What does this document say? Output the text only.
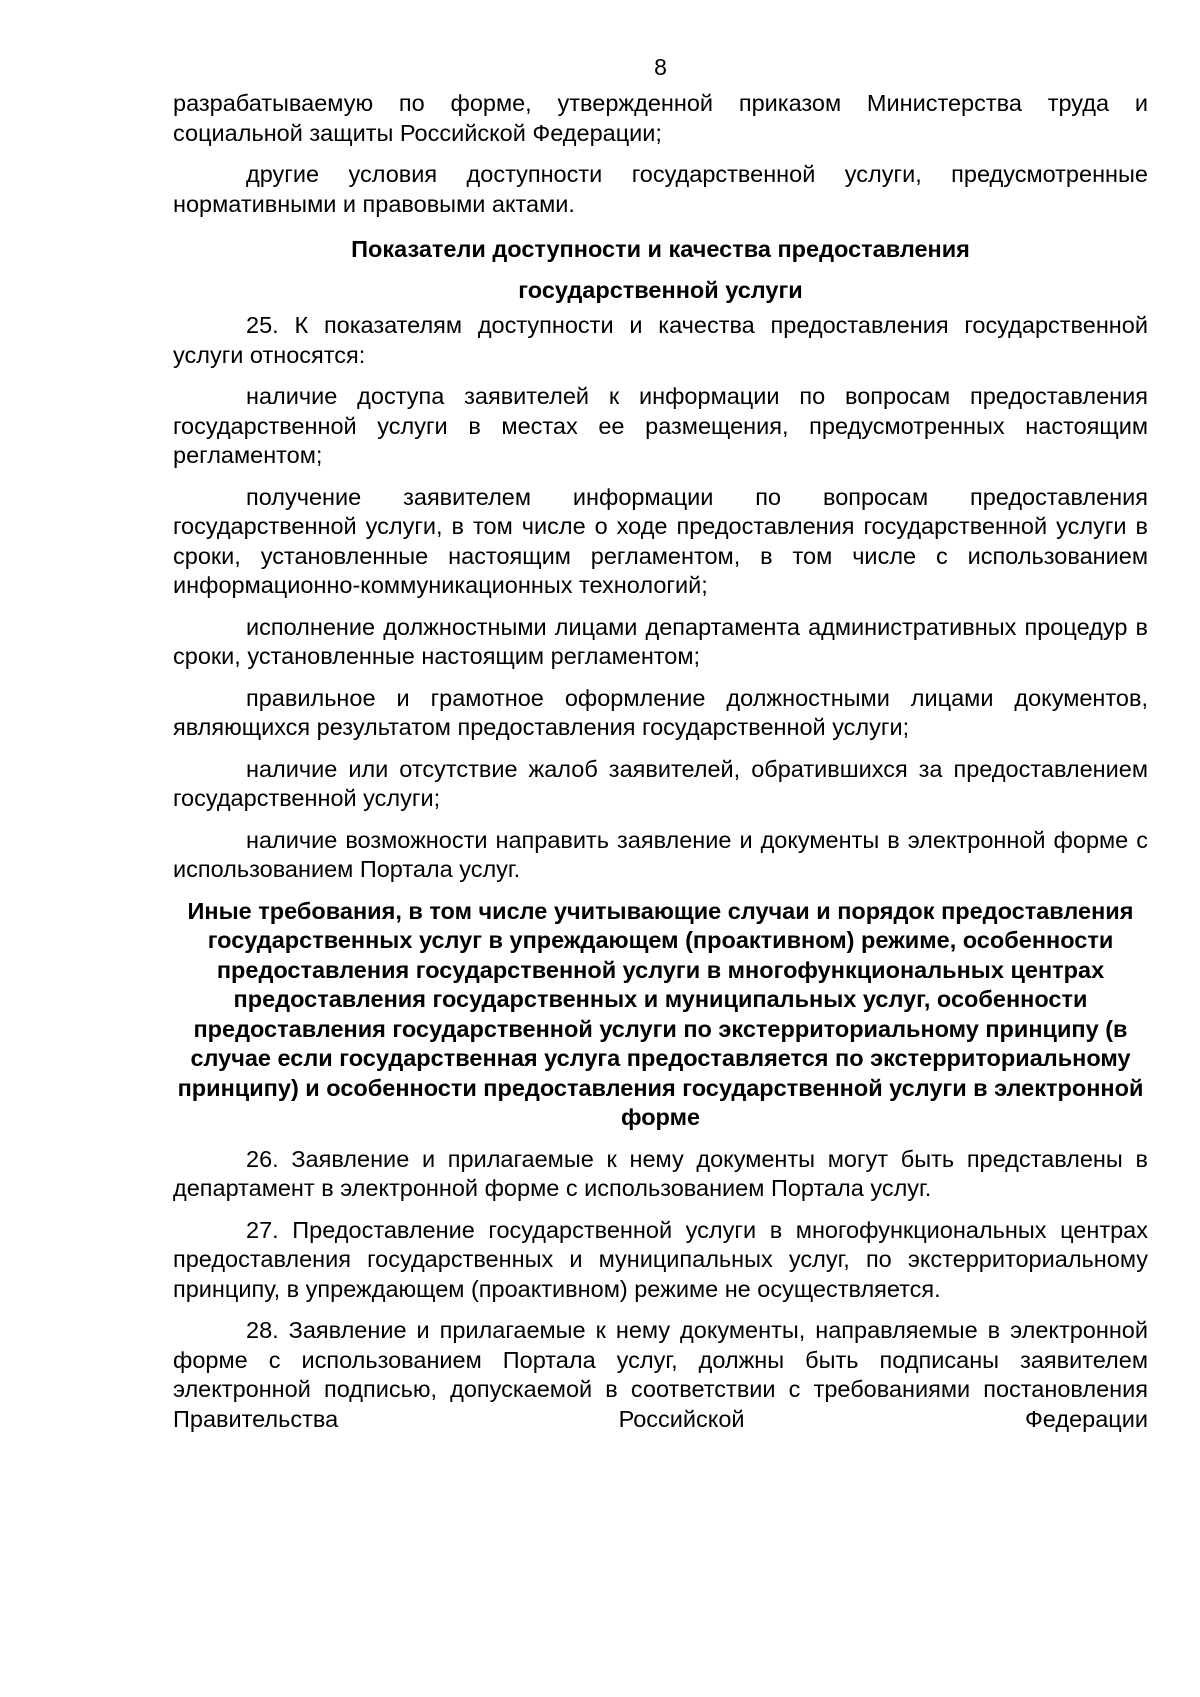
8

разрабатываемую по форме, утвержденной приказом Министерства труда и социальной защиты Российской Федерации;

другие условия доступности государственной услуги, предусмотренные нормативными и правовыми актами.

Показатели доступности и качества предоставления
государственной услуги

25. К показателям доступности и качества предоставления государственной услуги относятся:

наличие доступа заявителей к информации по вопросам предоставления государственной услуги в местах ее размещения, предусмотренных настоящим регламентом;

получение заявителем информации по вопросам предоставления государственной услуги, в том числе о ходе предоставления государственной услуги в сроки, установленные настоящим регламентом, в том числе с использованием информационно-коммуникационных технологий;

исполнение должностными лицами департамента административных процедур в сроки, установленные настоящим регламентом;

правильное и грамотное оформление должностными лицами документов, являющихся результатом предоставления государственной услуги;

наличие или отсутствие жалоб заявителей, обратившихся за предоставлением государственной услуги;

наличие возможности направить заявление и документы в электронной форме с использованием Портала услуг.

Иные требования, в том числе учитывающие случаи и порядок предоставления государственных услуг в упреждающем (проактивном) режиме, особенности предоставления государственной услуги в многофункциональных центрах предоставления государственных и муниципальных услуг, особенности предоставления государственной услуги по экстерриториальному принципу (в случае если государственная услуга предоставляется по экстерриториальному принципу) и особенности предоставления государственной услуги в электронной форме

26. Заявление и прилагаемые к нему документы могут быть представлены в департамент в электронной форме с использованием Портала услуг.

27. Предоставление государственной услуги в многофункциональных центрах предоставления государственных и муниципальных услуг, по экстерриториальному принципу, в упреждающем (проактивном) режиме не осуществляется.

28. Заявление и прилагаемые к нему документы, направляемые в электронной форме с использованием Портала услуг, должны быть подписаны заявителем электронной подписью, допускаемой в соответствии с требованиями постановления Правительства Российской Федерации
